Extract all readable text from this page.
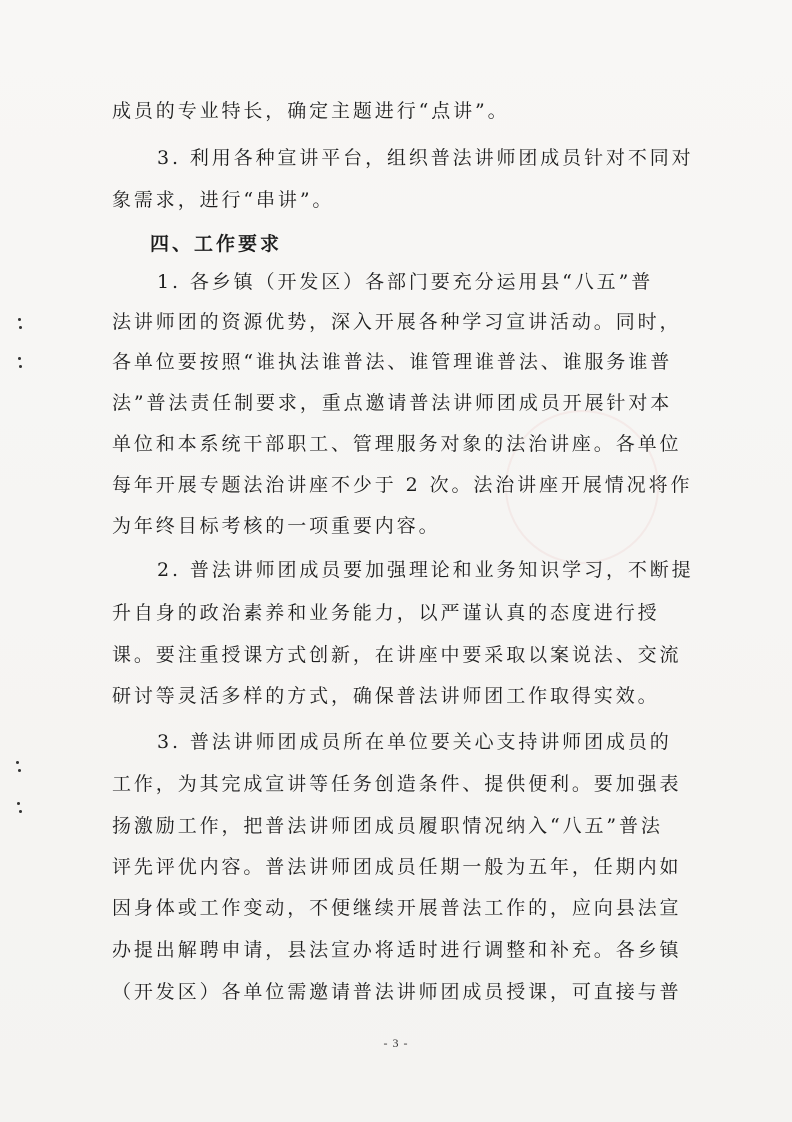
成员的专业特长，确定主题进行“点讲”。
3. 利用各种宣讲平台，组织普法讲师团成员针对不同对
象需求，进行“串讲”。
四、工作要求
1. 各乡镇（开发区）各部门要充分运用县“八五”普
法讲师团的资源优势，深入开展各种学习宣讲活动。同时，
各单位要按照“谁执法谁普法、谁管理谁普法、谁服务谁普
法”普法责任制要求，重点邀请普法讲师团成员开展针对本
单位和本系统干部职工、管理服务对象的法治讲座。各单位
每年开展专题法治讲座不少于 2 次。法治讲座开展情况将作
为年终目标考核的一项重要内容。
2. 普法讲师团成员要加强理论和业务知识学习，不断提
升自身的政治素养和业务能力，以严谨认真的态度进行授
课。要注重授课方式创新，在讲座中要采取以案说法、交流
研讨等灵活多样的方式，确保普法讲师团工作取得实效。
3. 普法讲师团成员所在单位要关心支持讲师团成员的
工作，为其完成宣讲等任务创造条件、提供便利。要加强表
扬激励工作，把普法讲师团成员履职情况纳入“八五”普法
评先评优内容。普法讲师团成员任期一般为五年，任期内如
因身体或工作变动，不便继续开展普法工作的，应向县法宣
办提出解聘申请，县法宣办将适时进行调整和补充。各乡镇
（开发区）各单位需邀请普法讲师团成员授课，可直接与普
- 3 -
